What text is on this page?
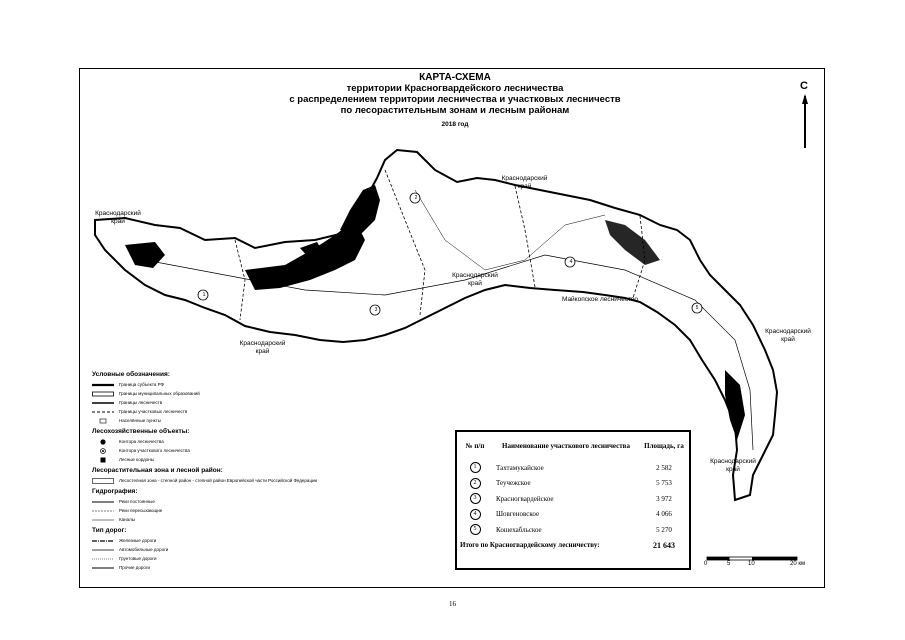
КАРТА-СХЕМА
территории Красногвардейского лесничества
с распределением территории лесничества и участковых лесничеств
по лесорастительным зонам и лесным районам
2018 год
С
1
3
2
4
5
Краснодарский
край
Краснодарский
край
Краснодарский
край
Краснодарский
край
Краснодарский
край
Краснодарский
край
Майкопское лесничество
Условные обозначения:
Граница субъекта РФ
Границы муниципальных образований
Границы лесничеств
Границы участковых лесничеств
Населённые пункты
Лесохозяйственные объекты:
Контора лесничества
Контора участкового лесничества
Лесные кордоны
Лесорастительная зона и лесной район:
Лесостепная зона - степной район - степной район Европейской части Российской Федерации
Гидрография:
Реки постоянные
Реки пересыхающие
Каналы
Тип дорог:
Железные дороги
Автомобильные дороги
Грунтовые дороги
Прочие дороги
№ п/п	Наименование участкового лесничества	Площадь, га
1	Тахтамукайское	2 582
2	Теучежское	5 753
3	Красногвардейское	3 972
4	Шовгеновское	4 066
5	Кошехабльское	5 270
Итого по Красногвардейскому лесничеству:		21 643
0	5	10	20 км
16
